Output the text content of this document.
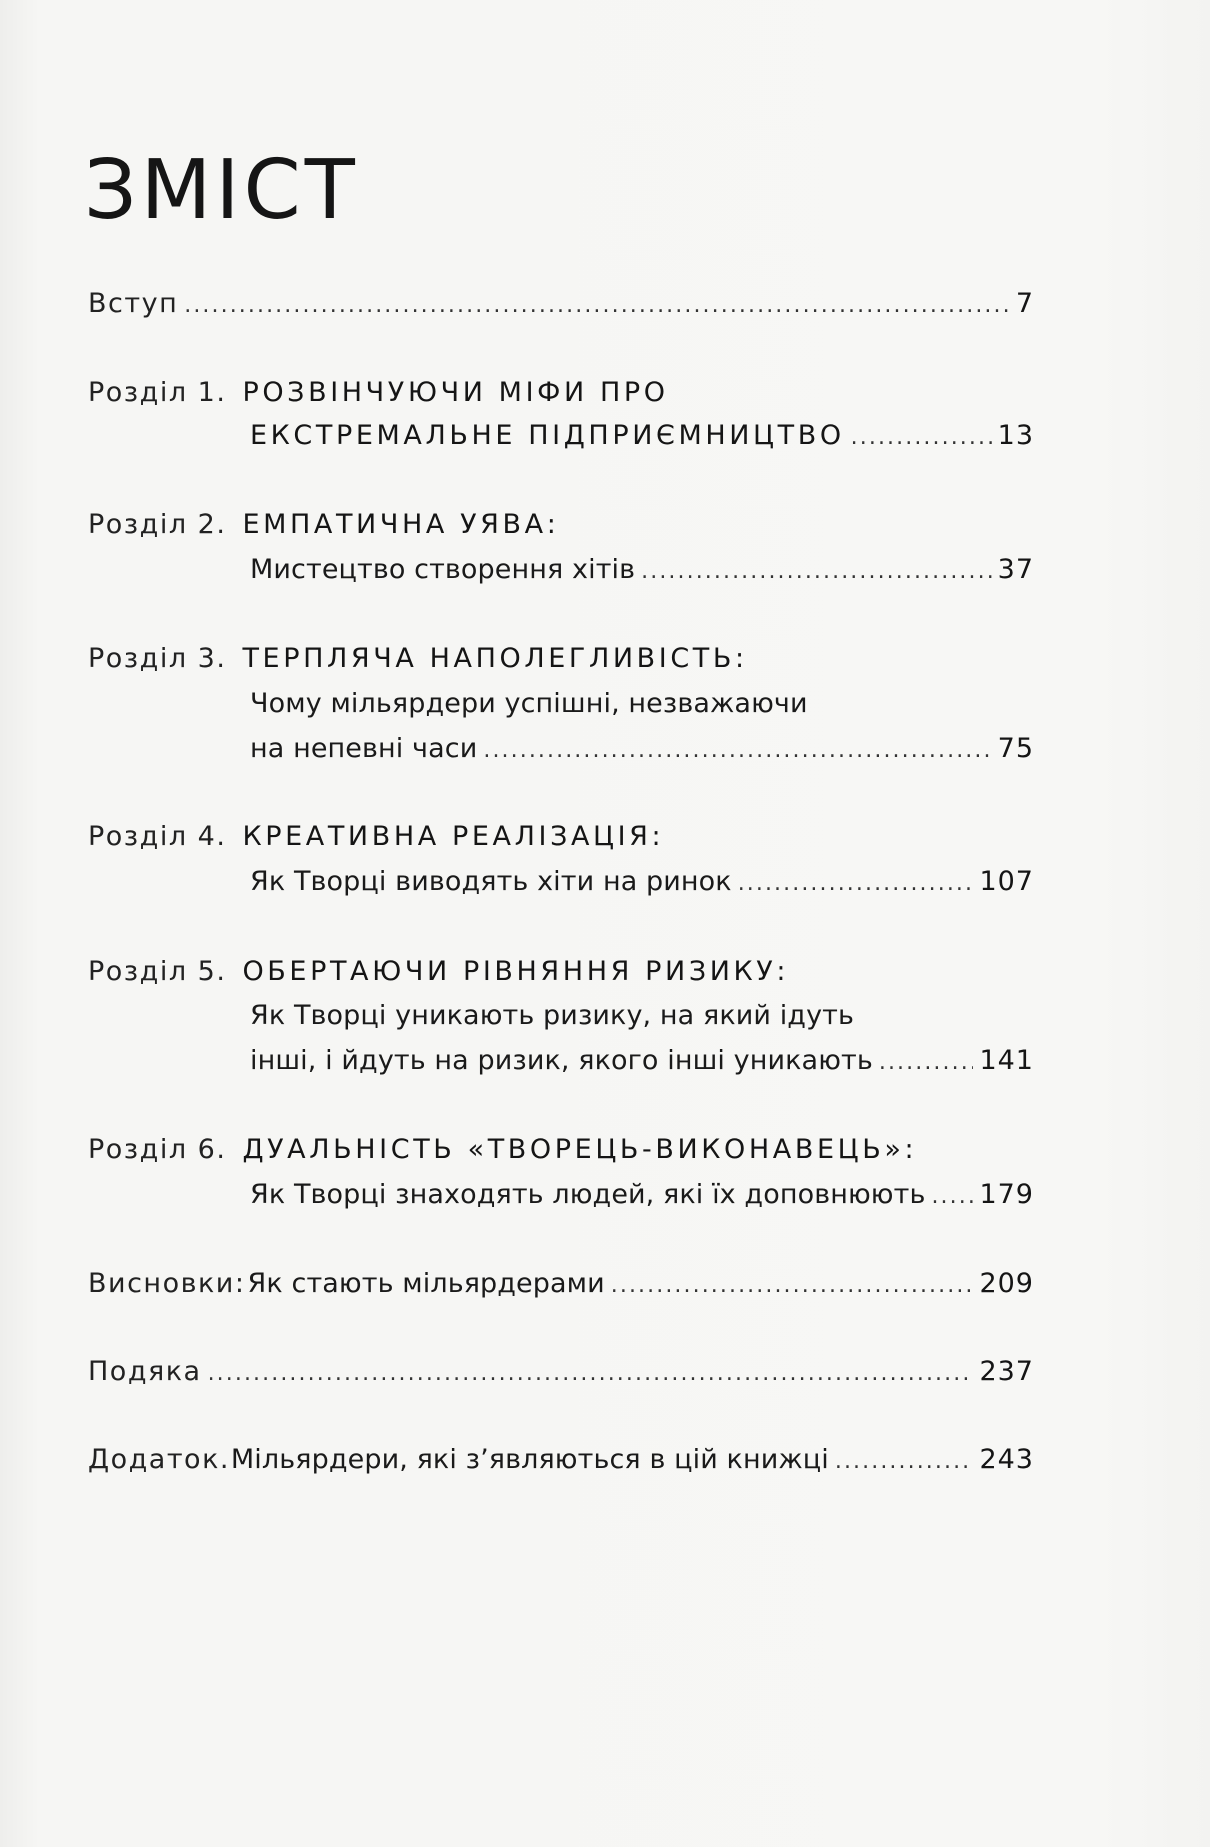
ЗМІСТ
Вступ .....	7
Розділ 1. РОЗВІНЧУЮЧИ МІФИ ПРО
ЕКСТРЕМАЛЬНЕ ПІДПРИЄМНИЦТВО .....	13
Розділ 2. ЕМПАТИЧНА УЯВА:
Мистецтво створення хітів .....	37
Розділ 3. ТЕРПЛЯЧА НАПОЛЕГЛИВІСТЬ:
Чому мільярдери успішні, незважаючи
на непевні часи .....	75
Розділ 4. КРЕАТИВНА РЕАЛІЗАЦІЯ:
Як Творці виводять хіти на ринок .....	107
Розділ 5. ОБЕРТАЮЧИ РІВНЯННЯ РИЗИКУ:
Як Творці уникають ризику, на який ідуть
інші, і йдуть на ризик, якого інші уникають .....	141
Розділ 6. ДУАЛЬНІСТЬ «ТВОРЕЦЬ-ВИКОНАВЕЦЬ»:
Як Творці знаходять людей, які їх доповнюють ..... 179
Висновки: Як стають мільярдерами .....	209
Подяка .....	237
Додаток. Мільярдери, які з’являються в цій книжці .....	243
